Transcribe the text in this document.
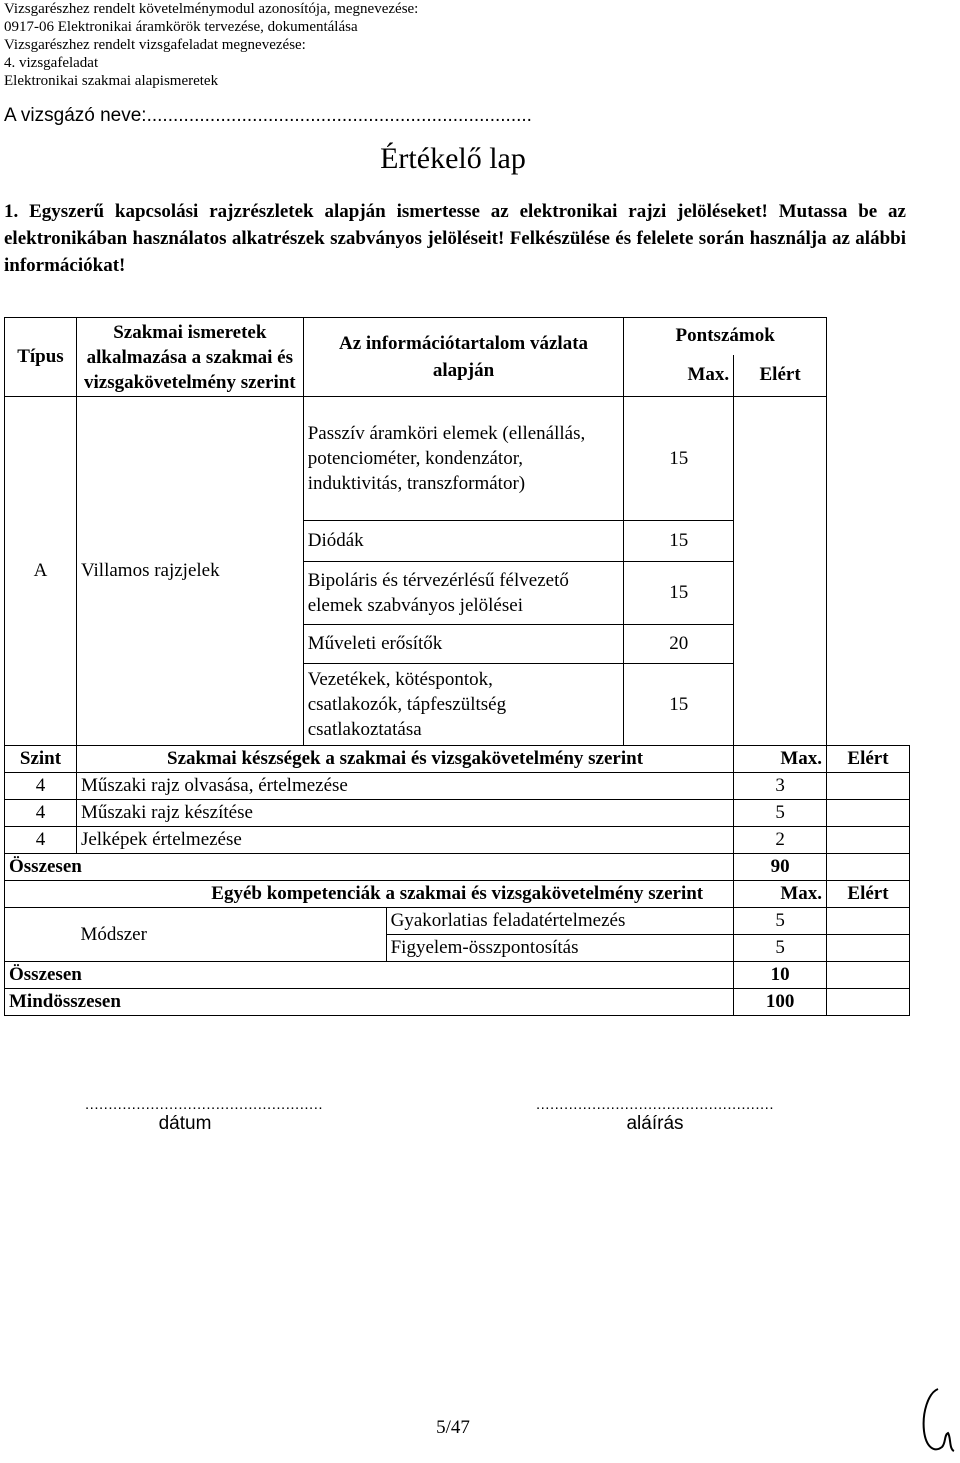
Vizsgarészhez rendelt követelménymodul azonosítója, megnevezése:
0917-06 Elektronikai áramkörök tervezése, dokumentálása
Vizsgarészhez rendelt vizsgafeladat megnevezése:
4. vizsgafeladat
Elektronikai szakmai alapismeretek
A vizsgázó neve:.........................................................................
Értékelő lap
1. Egyszerű kapcsolási rajzrészletek alapján ismertesse az elektronikai rajzi jelöléseket! Mutassa be az elektronikában használatos alkatrészek szabványos jelöléseit! Felkészülése és felelete során használja az alábbi információkat!
Típus	Szakmai ismeretek alkalmazása a szakmai és vizsgakövetelmény szerint	Az információtartalom vázlata alapján		Pontszámok		
				Max.	Elért	
A	Villamos rajzjelek	Passzív áramköri elemek (ellenállás, potenciométer, kondenzátor, induktivitás, transzformátor)		15		
		Diódák		15		
		Bipoláris és térvezérlésű félvezető elemek szabványos jelölései		15		
		Műveleti erősítők		20		
		Vezetékek, kötéspontok, csatlakozók, tápfeszültség csatlakoztatása		15		
Szint	Szakmai készségek a szakmai és vizsgakövetelmény szerint				Max.	Elért
4	Műszaki rajz olvasása, értelmezése				3	
4	Műszaki rajz készítése				5	
4	Jelképek értelmezése				2	
Összesen					90	
Egyéb kompetenciák a szakmai és vizsgakövetelmény szerint					Max.	Elért
	Módszer		Gyakorlatias feladatértelmezés		5	
			Figyelem-összpontosítás		5	
Összesen					10	
Mindösszesen					100	
...................................................
dátum
...................................................
aláírás
5/47
